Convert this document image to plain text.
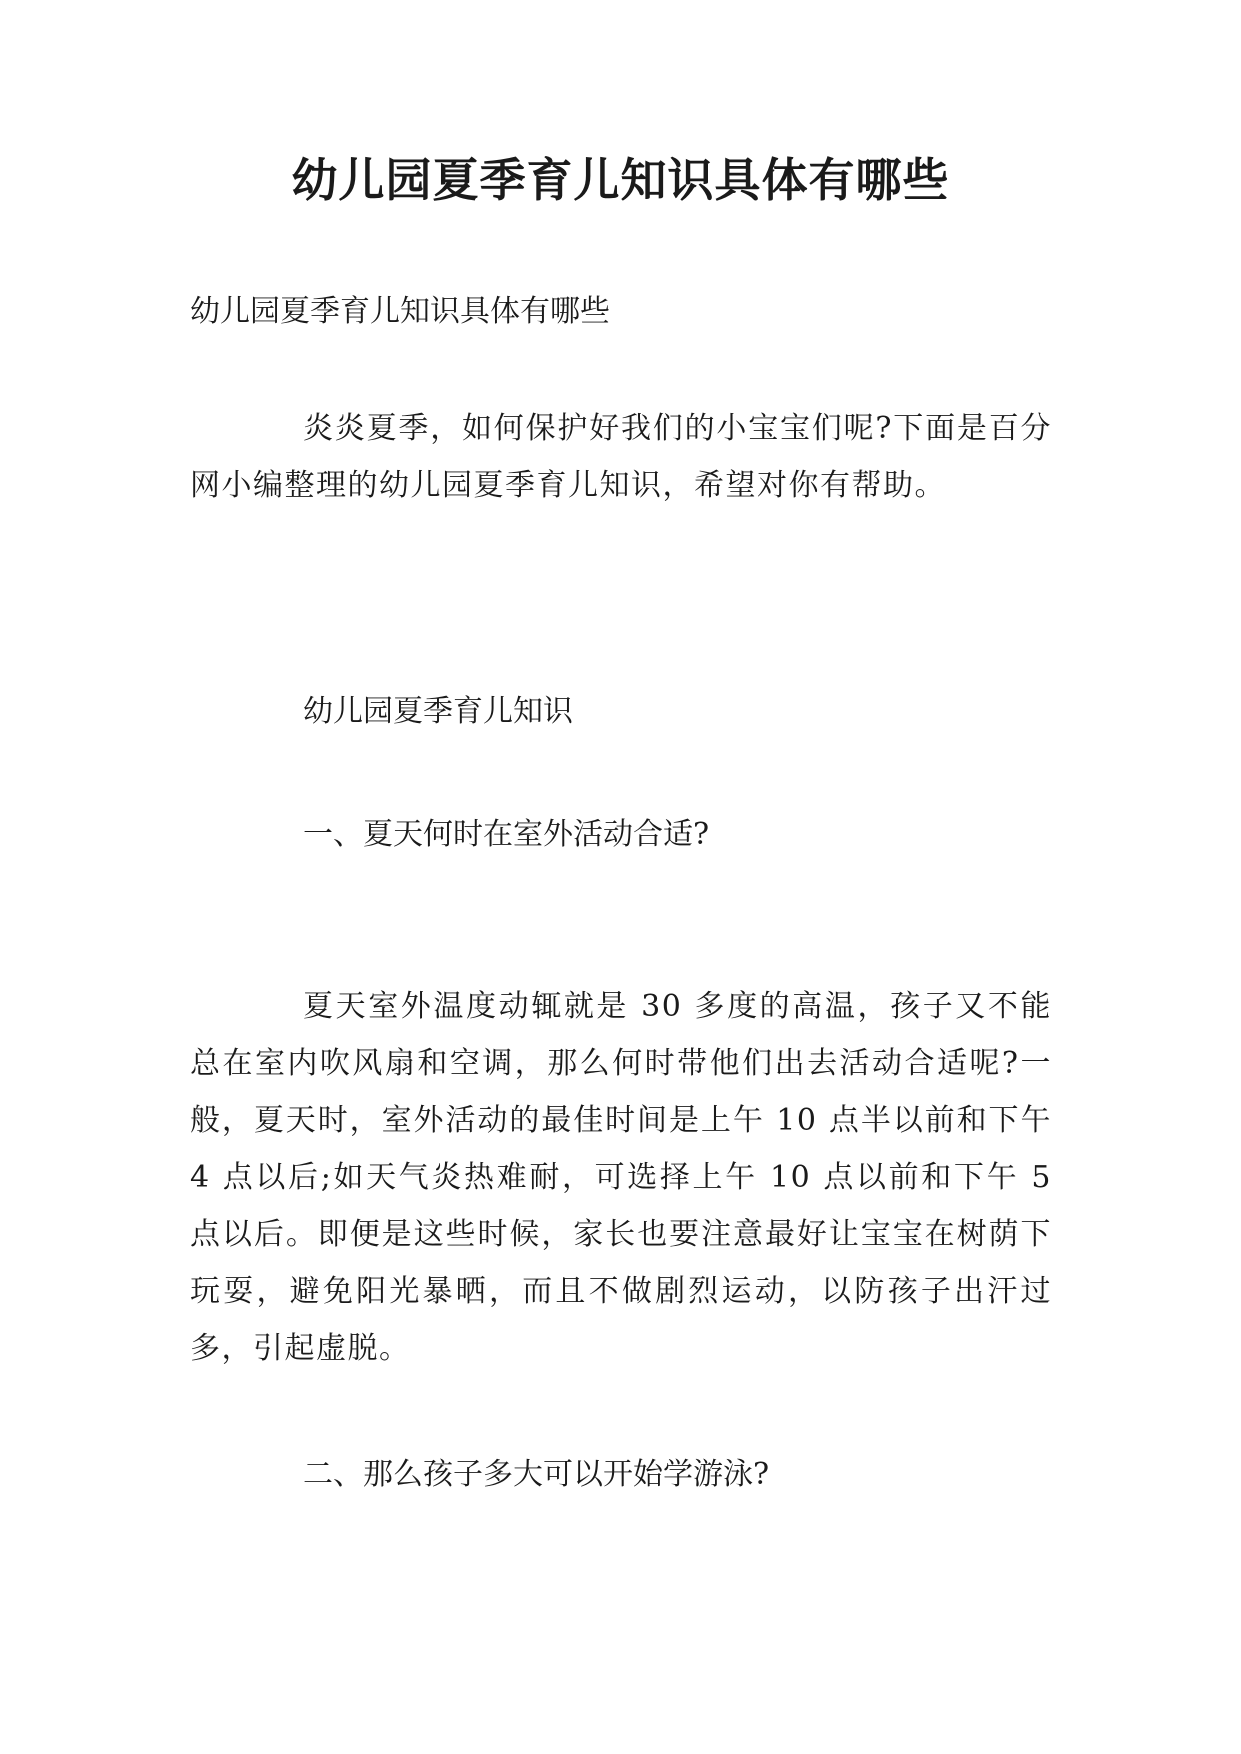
幼儿园夏季育儿知识具体有哪些

幼儿园夏季育儿知识具体有哪些

炎炎夏季，如何保护好我们的小宝宝们呢?下面是百分网小编整理的幼儿园夏季育儿知识，希望对你有帮助。

幼儿园夏季育儿知识

一、夏天何时在室外活动合适?

夏天室外温度动辄就是 30 多度的高温，孩子又不能总在室内吹风扇和空调，那么何时带他们出去活动合适呢?一般，夏天时，室外活动的最佳时间是上午 10 点半以前和下午 4 点以后;如天气炎热难耐，可选择上午 10 点以前和下午 5 点以后。即便是这些时候，家长也要注意最好让宝宝在树荫下玩耍，避免阳光暴晒，而且不做剧烈运动，以防孩子出汗过多，引起虚脱。

二、那么孩子多大可以开始学游泳?
